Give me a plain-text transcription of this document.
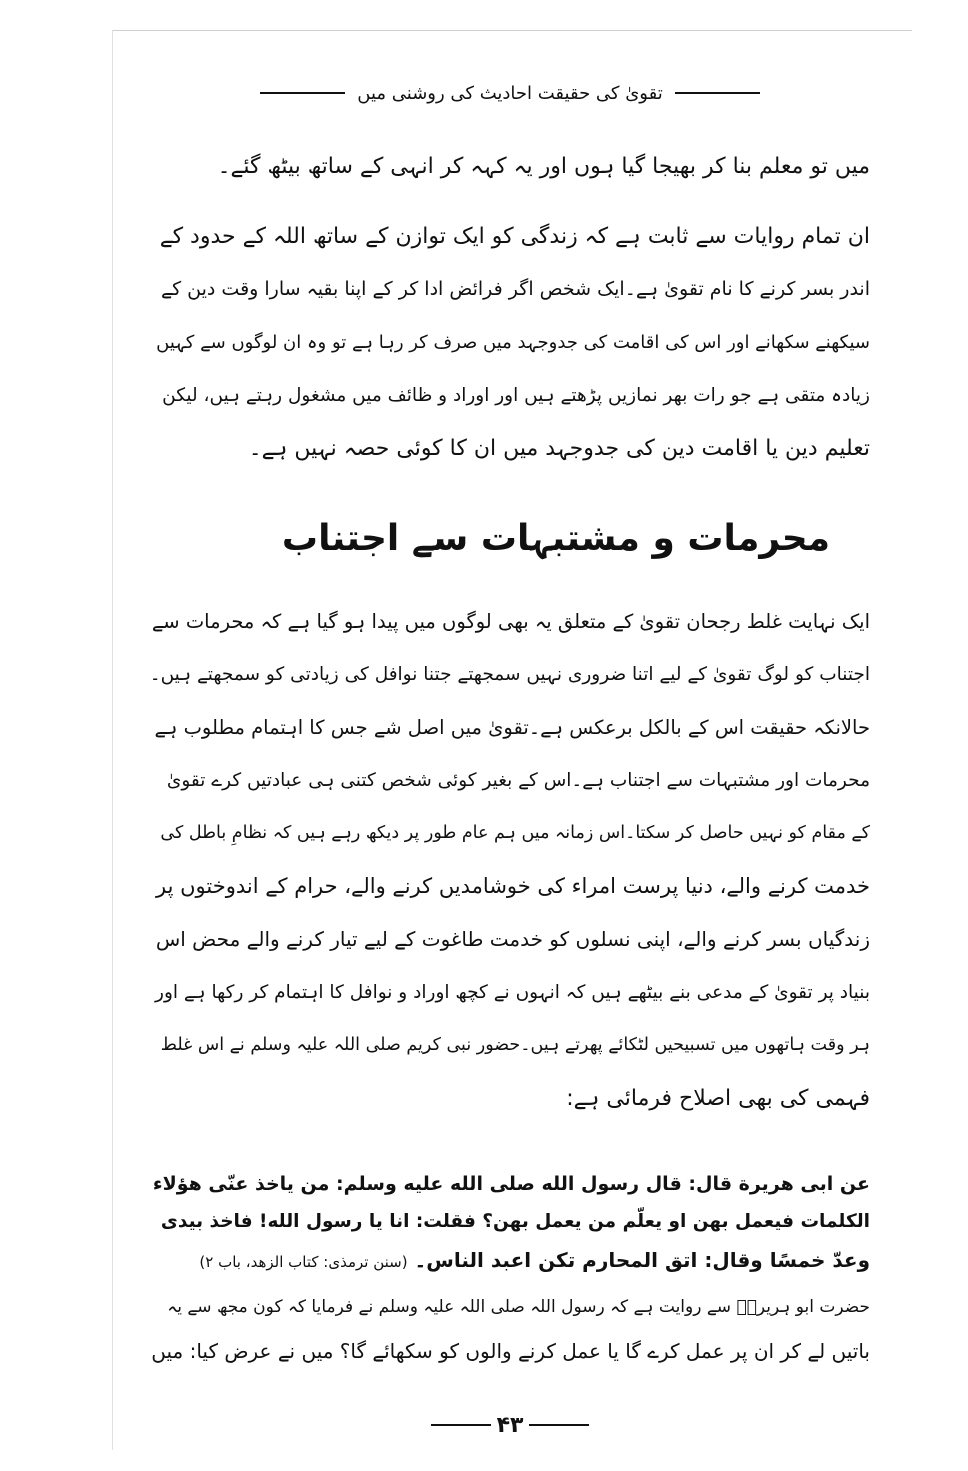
تقویٰ کی حقیقت احادیث کی روشنی میں

میں تو معلم بنا کر بھیجا گیا ہوں اور یہ کہہ کر انہی کے ساتھ بیٹھ گئے۔

ان تمام روایات سے ثابت ہے کہ زندگی کو ایک توازن کے ساتھ اللہ کے حدود کے

اندر بسر کرنے کا نام تقویٰ ہے۔ایک شخص اگر فرائض ادا کر کے اپنا بقیہ سارا وقت دین کے

سیکھنے سکھانے اور اس کی اقامت کی جدوجہد میں صرف کر رہا ہے تو وہ ان لوگوں سے کہیں

زیادہ متقی ہے جو رات بھر نمازیں پڑھتے ہیں اور اوراد و ظائف میں مشغول رہتے ہیں، لیکن

تعلیم دین یا اقامت دین کی جدوجہد میں ان کا کوئی حصہ نہیں ہے۔

محرمات و مشتبہات سے اجتناب

ایک نہایت غلط رجحان تقویٰ کے متعلق یہ بھی لوگوں میں پیدا ہو گیا ہے کہ محرمات سے

اجتناب کو لوگ تقویٰ کے لیے اتنا ضروری نہیں سمجھتے جتنا نوافل کی زیادتی کو سمجھتے ہیں۔

حالانکہ حقیقت اس کے بالکل برعکس ہے۔تقویٰ میں اصل شے جس کا اہتمام مطلوب ہے

محرمات اور مشتبہات سے اجتناب ہے۔اس کے بغیر کوئی شخص کتنی ہی عبادتیں کرے تقویٰ

کے مقام کو نہیں حاصل کر سکتا۔اس زمانہ میں ہم عام طور پر دیکھ رہے ہیں کہ نظامِ باطل کی

خدمت کرنے والے، دنیا پرست امراء کی خوشامدیں کرنے والے، حرام کے اندوختوں پر

زندگیاں بسر کرنے والے، اپنی نسلوں کو خدمت طاغوت کے لیے تیار کرنے والے محض اس

بنیاد پر تقویٰ کے مدعی بنے بیٹھے ہیں کہ انہوں نے کچھ اوراد و نوافل کا اہتمام کر رکھا ہے اور

ہر وقت ہاتھوں میں تسبیحیں لٹکائے پھرتے ہیں۔حضور نبی کریم صلی اللہ علیہ وسلم نے اس غلط

فہمی کی بھی اصلاح فرمائی ہے:

عن ابی هريرة قال: قال رسول الله صلى الله عليه وسلم: من ياخذ عنّی هؤلاء

الكلمات فيعمل بهن او يعلّم من يعمل بهن؟ فقلت: انا يا رسول الله! فاخذ بيدی

وعدّ خمسًا وقال: اتق المحارم تكن اعبد الناس۔ (سنن ترمذی: کتاب الزھد، باب ۲)

حضرت ابو ہریرہؓ سے روایت ہے کہ رسول اللہ صلی اللہ علیہ وسلم نے فرمایا کہ کون مجھ سے یہ

باتیں لے کر ان پر عمل کرے گا یا عمل کرنے والوں کو سکھائے گا؟ میں نے عرض کیا: میں

۴۳
